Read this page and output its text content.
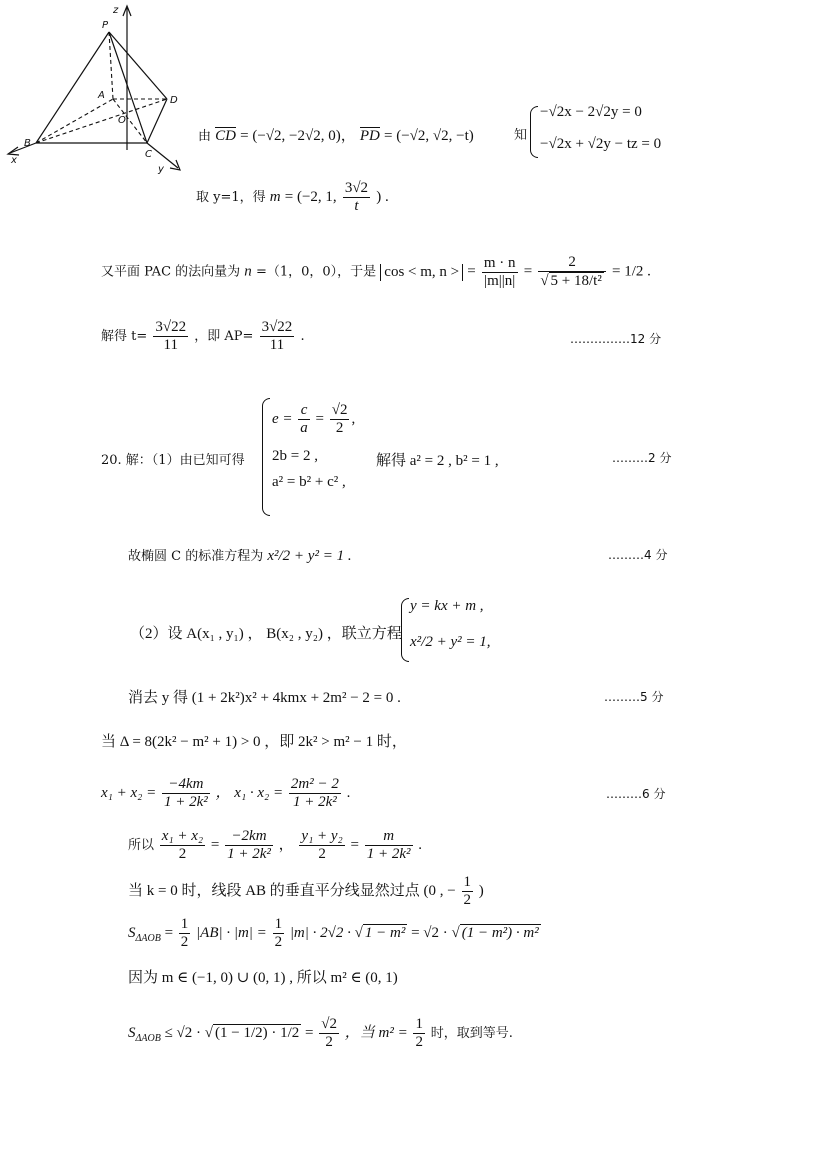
z
P
A
O
D
B
C
x
y
由 CD = (−√2, −2√2, 0)， PD = (−√2, √2, −t)	知
−√2x − 2√2y = 0
−√2x + √2y − tz = 0
取 y=1，得 m = (−2, 1, $\frac{3√2}{t}$ ) .
又平面 PAC 的法向量为 n =（1，0，0），于是 cos < m, n > = $\frac{m \cdot n}{|m||n|} = 2$
√ 5 + 18/t² = 1/2 .
解得 $t= \frac{3√22}{11}$ ，即 $AP= \frac{3√22}{11}$ .	……………12 分
20. 解：（1）由已知可得
$e = \frac{c}{a} = \frac{√2}{2}$ ,
2b = 2 ,
a² = b² + c² ,
解得 a² = 2 , b² = 1 ,	………2 分
故椭圆 C 的标准方程为 x²/2 + y² = 1 .	………4 分
（2）设 A(x₁ , y₁) ， B(x₂ , y₂) ，联立方程
y = kx + m ,
x²/2 + y² = 1,
消去 y 得 (1 + 2k²)x² + 4kmx + 2m² − 2 = 0 .	………5 分
当 Δ = 8(2k² − m² + 1) > 0 ，即 2k² > m² − 1 时，
$x_1 + x_2 = \frac{-4km}{\text{1 + 2k²}}$ ， $x_1 \cdot x_2 = \frac{\text{2m² − 2}}{\text{1 + 2k²}}$ .	………6 分
所以 $\frac{\text{x₁ + x₂}}{2} = \frac{-2km}{\text{1 + 2k²}}$ ， $\frac{\text{y₁ + y₂}}{2} = \frac{m}{\text{1 + 2k²}}$ .
当 k = 0 时，线段 AB 的垂直平分线显然过点 (0 , − $\frac{1}{2}$ )
$S_{\Delta AOB} = \frac{1}{2} |AB| \cdot |m| = \frac{1}{2} |m| \cdot 2√2$ · √ 1 − m² = √2 · √ (1 − m²) · m²
因为 m ∈ (−1, 0) ∪ (0, 1) , 所以 m² ∈ (0, 1)
$S_{\Delta AOB} \le √2$ · √ $(1 - 1/2) \cdot 1/2 = \frac{√2}{2}$ ，当 $m^2 = \frac{1}{2}$ 时，取到等号.
